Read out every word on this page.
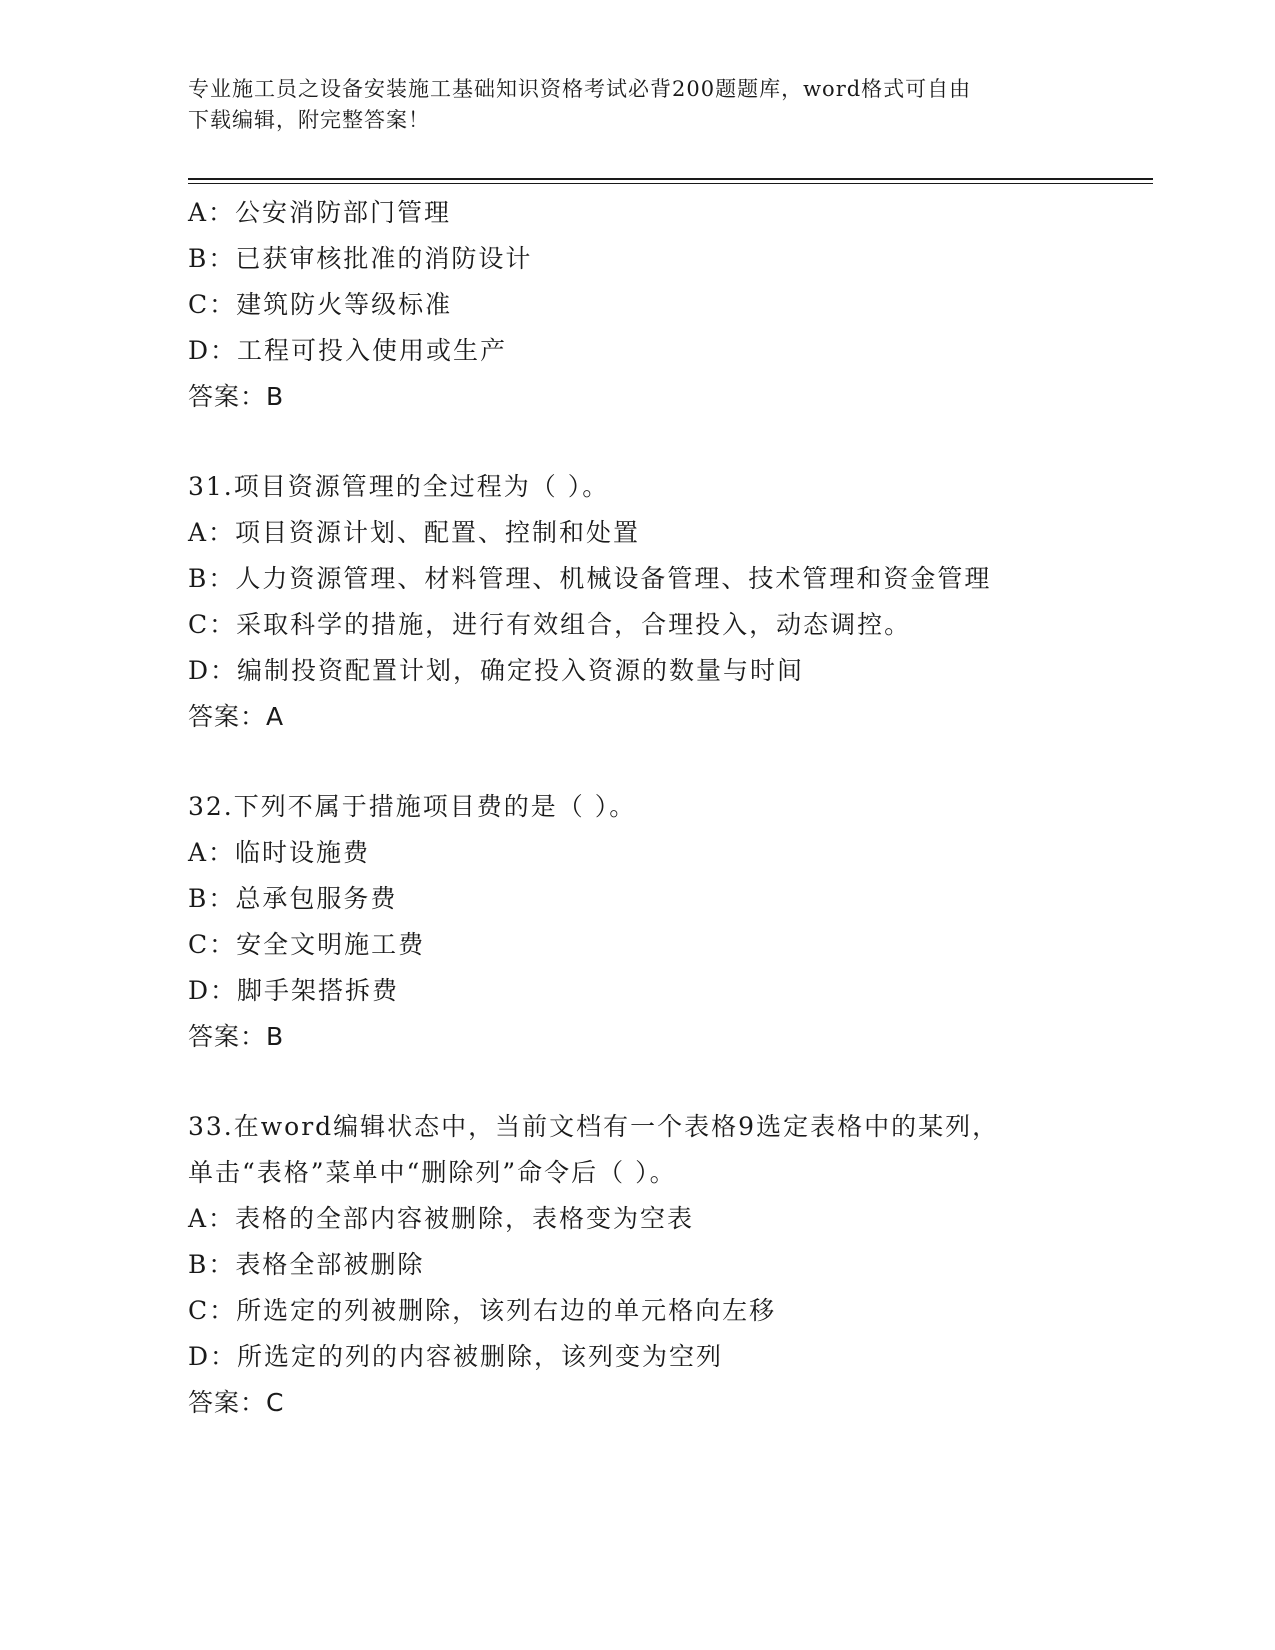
专业施工员之设备安装施工基础知识资格考试必背200题题库，word格式可自由
下载编辑，附完整答案！
A：公安消防部门管理
B：已获审核批准的消防设计
C：建筑防火等级标准
D：工程可投入使用或生产
答案：B
31.项目资源管理的全过程为（ ）。
A：项目资源计划、配置、控制和处置
B：人力资源管理、材料管理、机械设备管理、技术管理和资金管理
C：采取科学的措施，进行有效组合，合理投入，动态调控。
D：编制投资配置计划，确定投入资源的数量与时间
答案：A
32.下列不属于措施项目费的是（ ）。
A：临时设施费
B：总承包服务费
C：安全文明施工费
D：脚手架搭拆费
答案：B
33.在word编辑状态中，当前文档有一个表格9选定表格中的某列，
单击“表格”菜单中“删除列”命令后（ ）。
A：表格的全部内容被删除，表格变为空表
B：表格全部被删除
C：所选定的列被删除，该列右边的单元格向左移
D：所选定的列的内容被删除，该列变为空列
答案：C
